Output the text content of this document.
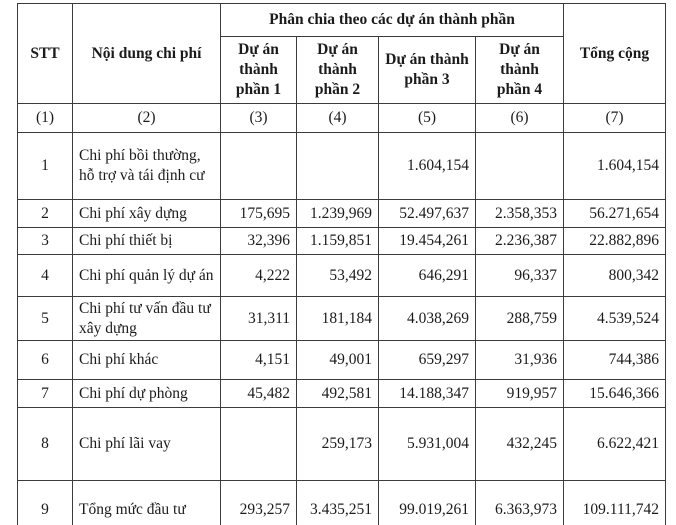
STT	Nội dung chi phí	Phân chia theo các dự án thành phần				Tổng cộng
		Dự án thành phần 1	Dự án thành phần 2	Dự án thành phần 3	Dự án thành phần 4	
(1)	(2)	(3)	(4)	(5)	(6)	(7)
1	Chi phí bồi thường, hỗ trợ và tái định cư			1.604,154		1.604,154
2	Chi phí xây dựng	175,695	1.239,969	52.497,637	2.358,353	56.271,654
3	Chi phí thiết bị	32,396	1.159,851	19.454,261	2.236,387	22.882,896
4	Chi phí quản lý dự án	4,222	53,492	646,291	96,337	800,342
5	Chi phí tư vấn đầu tư xây dựng	31,311	181,184	4.038,269	288,759	4.539,524
6	Chi phí khác	4,151	49,001	659,297	31,936	744,386
7	Chi phí dự phòng	45,482	492,581	14.188,347	919,957	15.646,366
8	Chi phí lãi vay		259,173	5.931,004	432,245	6.622,421
9	Tổng mức đầu tư	293,257	3.435,251	99.019,261	6.363,973	109.111,742
